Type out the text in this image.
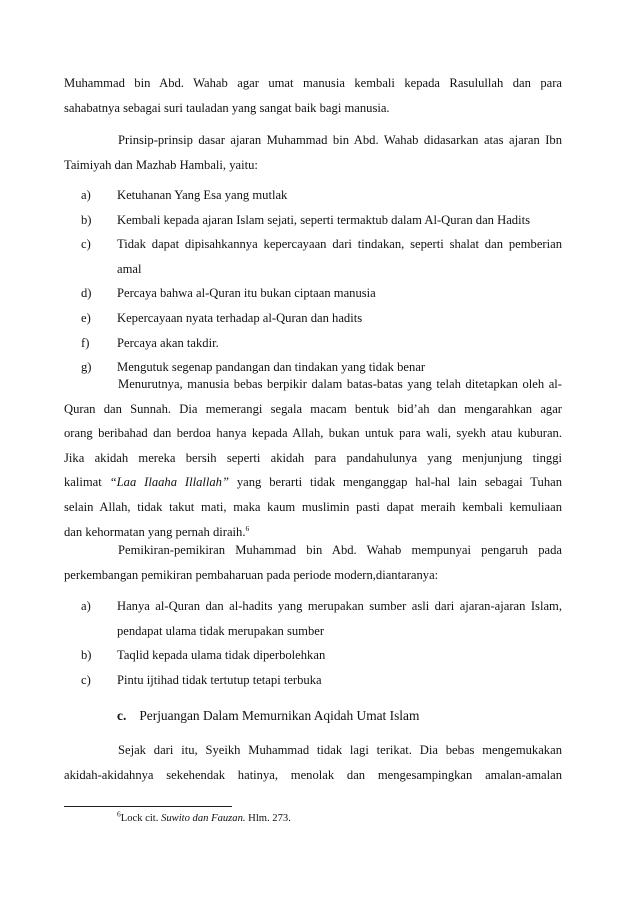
Muhammad bin Abd. Wahab agar umat manusia kembali kepada Rasulullah dan para
sahabatnya sebagai suri tauladan yang sangat baik bagi manusia.

Prinsip-prinsip dasar ajaran Muhammad bin Abd. Wahab didasarkan atas ajaran Ibn
Taimiyah dan Mazhab Hambali, yaitu:

a) Ketuhanan Yang Esa yang mutlak
b) Kembali kepada ajaran Islam sejati, seperti termaktub dalam Al-Quran dan Hadits
c) Tidak dapat dipisahkannya kepercayaan dari tindakan, seperti shalat dan pemberian
amal
d) Percaya bahwa al-Quran itu bukan ciptaan manusia
e) Kepercayaan nyata terhadap al-Quran dan hadits
f) Percaya akan takdir.
g) Mengutuk segenap pandangan dan tindakan yang tidak benar

Menurutnya, manusia bebas berpikir dalam batas-batas yang telah ditetapkan oleh al-
Quran dan Sunnah. Dia memerangi segala macam bentuk bid’ah dan mengarahkan agar
orang beribahad dan berdoa hanya kepada Allah, bukan untuk para wali, syekh atau kuburan.
Jika akidah mereka bersih seperti akidah para pandahulunya yang menjunjung tinggi
kalimat “Laa Ilaaha Illallah” yang berarti tidak menganggap hal-hal lain sebagai Tuhan
selain Allah, tidak takut mati, maka kaum muslimin pasti dapat meraih kembali kemuliaan
dan kehormatan yang pernah diraih.$^6$

Pemikiran-pemikiran Muhammad bin Abd. Wahab mempunyai pengaruh pada
perkembangan pemikiran pembaharuan pada periode modern,diantaranya:

a) Hanya al-Quran dan al-hadits yang merupakan sumber asli dari ajaran-ajaran Islam,
pendapat ulama tidak merupakan sumber
b) Taqlid kepada ulama tidak diperbolehkan
c) Pintu ijtihad tidak tertutup tetapi terbuka
c. Perjuangan Dalam Memurnikan Aqidah Umat Islam

Sejak dari itu, Syeikh Muhammad tidak lagi terikat. Dia bebas mengemukakan
akidah-akidahnya sekehendak hatinya, menolak dan mengesampingkan amalan-amalan

$^6$Lock cit. Suwito dan Fauzan. Hlm. 273.
